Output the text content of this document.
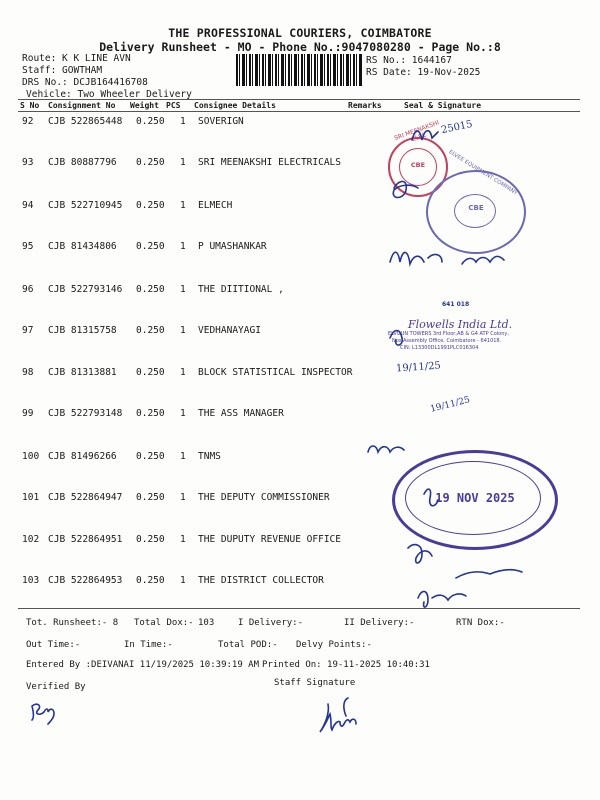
THE PROFESSIONAL COURIERS, COIMBATORE
Delivery Runsheet - MO - Phone No.:9047080280 - Page No.:8
Route: K K LINE AVN
Staff: GOWTHAM
DRS No.: DCJB164416708
Vehicle: Two Wheeler Delivery
RS No.: 1644167
RS Date: 19-Nov-2025
S No Consignment No Weight PCS Consignee Details	Remarks	Seal & Signature
92 CJB 522865448 0.250 1 SOVERIGN
93 CJB 80887796 0.250 1 SRI MEENAKSHI ELECTRICALS
94 CJB 522710945 0.250 1 ELMECH
95 CJB 81434806 0.250 1 P UMASHANKAR
96 CJB 522793146 0.250 1 THE DIITIONAL ,
97 CJB 81315758 0.250 1 VEDHANAYAGI
98 CJB 81313881 0.250 1 BLOCK STATISTICAL INSPECTOR
99 CJB 522793148 0.250 1 THE ASS MANAGER
100 CJB 81496266 0.250 1 TNMS
101 CJB 522864947 0.250 1 THE DEPUTY COMMISSIONER
102 CJB 522864951 0.250 1 THE DUPUTY REVENUE OFFICE
103 CJB 522864953 0.250 1 THE DISTRICT COLLECTOR
SRI MEENAKSHI ELEC
CBE
CBE
ELVEE EQUIPMENT COMPANY
25015
Flowells India Ltd.
ELVGUN TOWERS 3rd Floor,AB & G4 ATP Colony,
Nos Assembly Office, Coimbatore - 641018.
CIN: L13300DL1991PLC016304
19/11/25
19/11/25
641 018
19 NOV 2025
Tot. Runsheet:- 8 Total Dox:- 103	I Delivery:-	II Delivery:-	RTN Dox:-
Out Time:-	In Time:-	Total POD:- Delvy Points:-
Entered By :DEIVANAI 11/19/2025 10:39:19 AM Printed On: 19-11-2025 10:40:31
Verified By	Staff Signature
